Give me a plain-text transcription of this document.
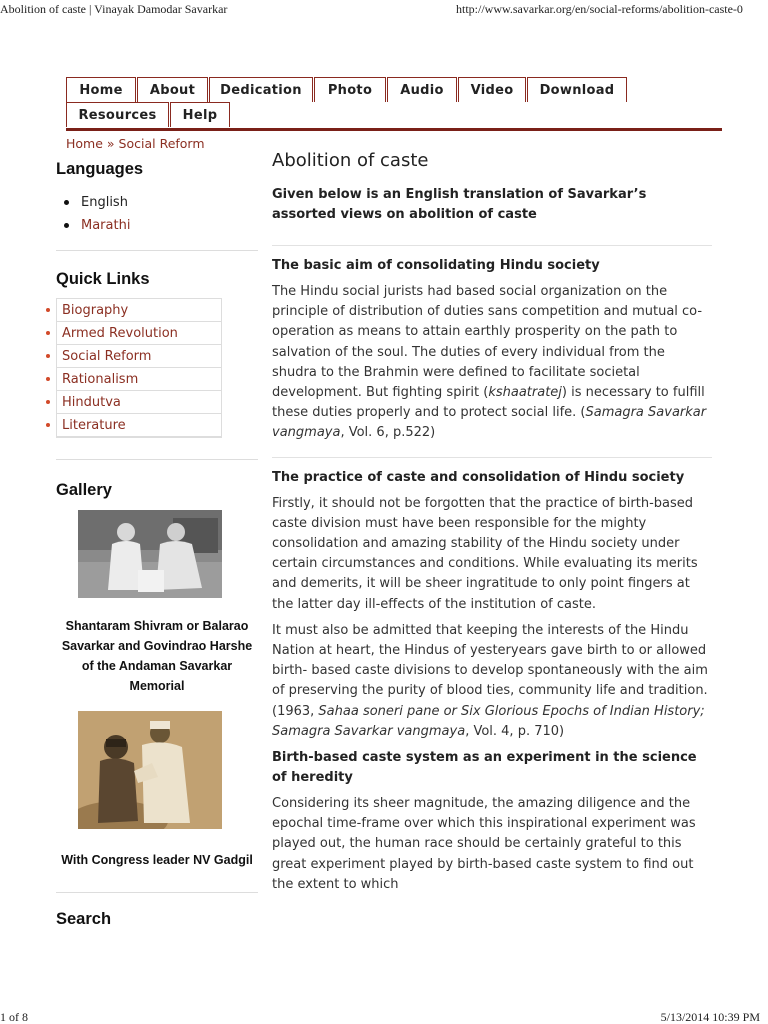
Abolition of caste | Vinayak Damodar Savarkar	http://www.savarkar.org/en/social-reforms/abolition-caste-0
Home	About	Dedication	Photo	Audio	Video	Download
Resources	Help
Home » Social Reform
Languages
English
Marathi
Quick Links
Biography
Armed Revolution
Social Reform
Rationalism
Hindutva
Literature
Gallery
Shantaram Shivram or Balarao Savarkar and Govindrao Harshe of the Andaman Savarkar Memorial
With Congress leader NV Gadgil
Search
Abolition of caste

Given below is an English translation of Savarkar’s assorted views on abolition of caste

The basic aim of consolidating Hindu society

The Hindu social jurists had based social organization on the principle of distribution of duties sans competition and mutual co-operation as means to attain earthly prosperity on the path to salvation of the soul. The duties of every individual from the shudra to the Brahmin were defined to facilitate societal development. But fighting spirit (kshaatratej) is necessary to fulfill these duties properly and to protect social life. (Samagra Savarkar vangmaya, Vol. 6, p.522)

The practice of caste and consolidation of Hindu society

Firstly, it should not be forgotten that the practice of birth-based caste division must have been responsible for the mighty consolidation and amazing stability of the Hindu society under certain circumstances and conditions. While evaluating its merits and demerits, it will be sheer ingratitude to only point fingers at the latter day ill-effects of the institution of caste.

It must also be admitted that keeping the interests of the Hindu Nation at heart, the Hindus of yesteryears gave birth to or allowed birth- based caste divisions to develop spontaneously with the aim of preserving the purity of blood ties, community life and tradition. (1963, Sahaa soneri pane or Six Glorious Epochs of Indian History; Samagra Savarkar vangmaya, Vol. 4, p. 710)

Birth-based caste system as an experiment in the science of heredity

Considering its sheer magnitude, the amazing diligence and the epochal time-frame over which this inspirational experiment was played out, the human race should be certainly grateful to this great experiment played by birth-based caste system to find out the extent to which

1 of 8	5/13/2014 10:39 PM
